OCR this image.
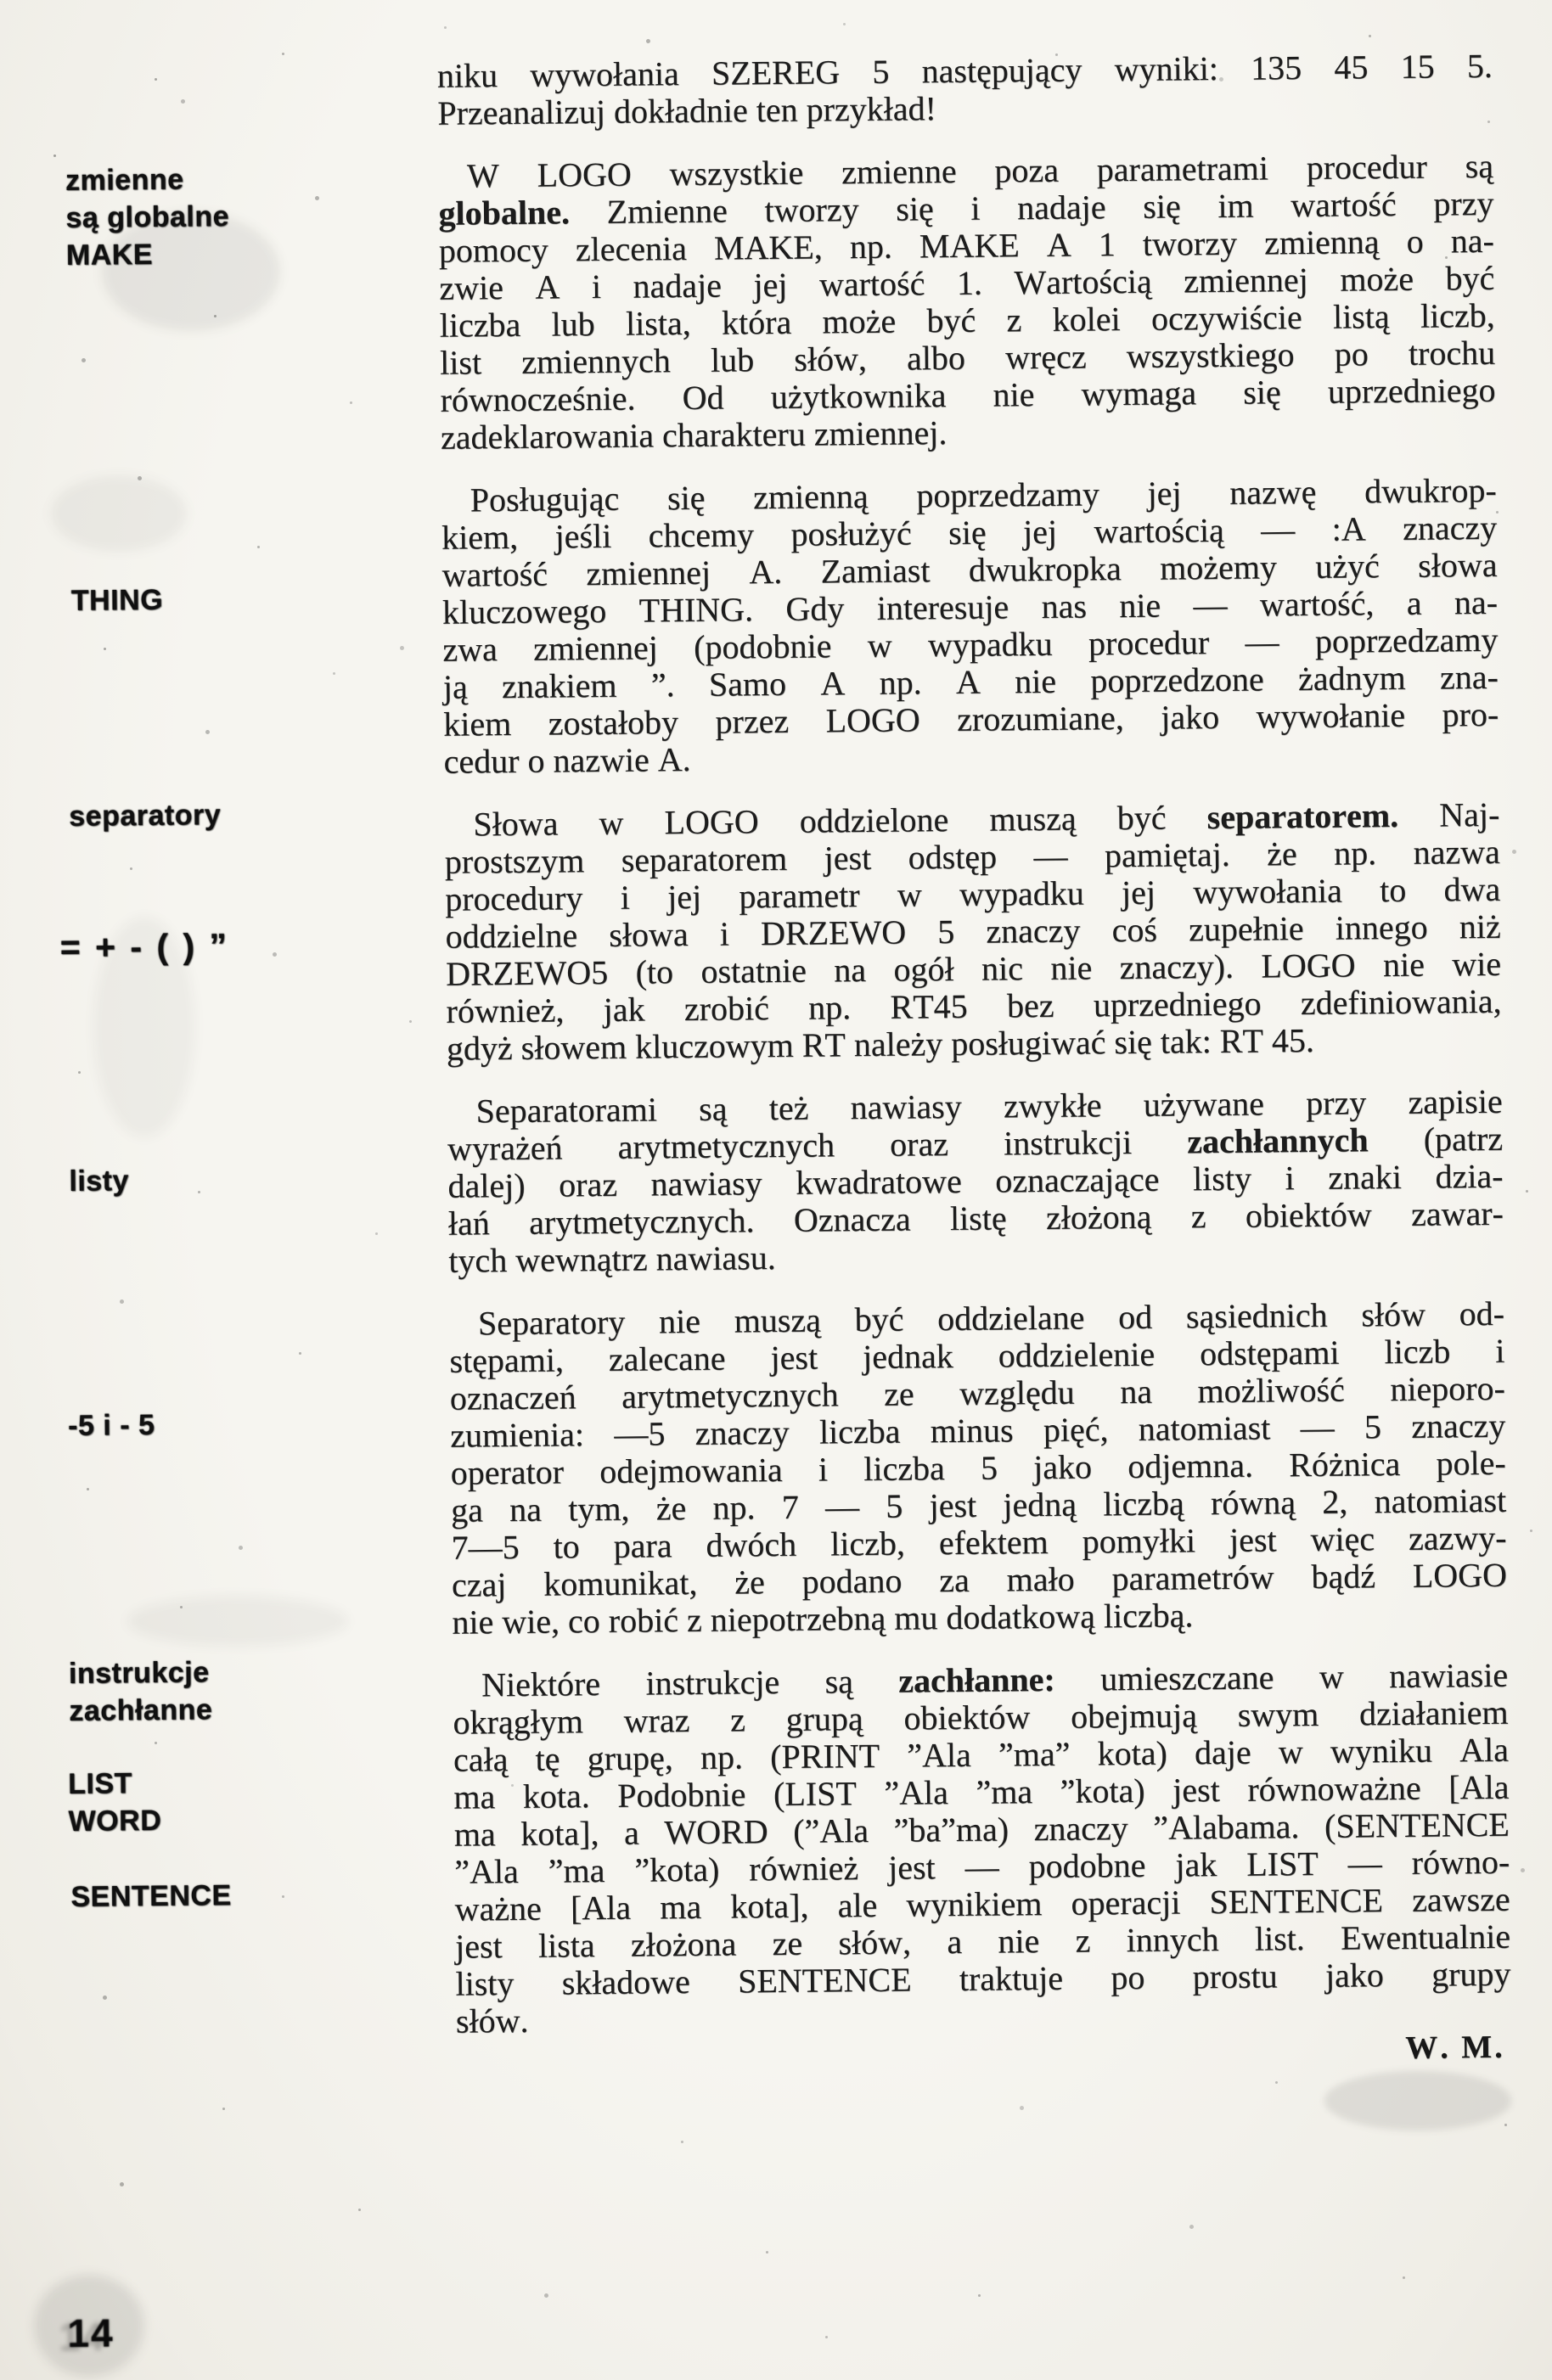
zmienne
są globalne
MAKE
THING
separatory
= + - ( ) ”
listy
-5 i - 5
instrukcje
zachłanne
LIST
WORD
SENTENCE
niku wywołania SZEREG 5 następujący wyniki: 135 45 15 5.
Przeanalizuj dokładnie ten przykład!
W LOGO wszystkie zmienne poza parametrami procedur są
globalne. Zmienne tworzy się i nadaje się im wartość przy
pomocy zlecenia MAKE, np. MAKE A 1 tworzy zmienną o na-
zwie A i nadaje jej wartość 1. Wartością zmiennej może być
liczba lub lista, która może być z kolei oczywiście listą liczb,
list zmiennych lub słów, albo wręcz wszystkiego po trochu
równocześnie. Od użytkownika nie wymaga się uprzedniego
zadeklarowania charakteru zmiennej.
Posługując się zmienną poprzedzamy jej nazwę dwukrop-
kiem, jeśli chcemy posłużyć się jej wartością — :A znaczy
wartość zmiennej A. Zamiast dwukropka możemy użyć słowa
kluczowego THING. Gdy interesuje nas nie — wartość, a na-
zwa zmiennej (podobnie w wypadku procedur — poprzedzamy
ją znakiem ”. Samo A np. A nie poprzedzone żadnym zna-
kiem zostałoby przez LOGO zrozumiane, jako wywołanie pro-
cedur o nazwie A.
Słowa w LOGO oddzielone muszą być separatorem. Naj-
prostszym separatorem jest odstęp — pamiętaj. że np. nazwa
procedury i jej parametr w wypadku jej wywołania to dwa
oddzielne słowa i DRZEWO 5 znaczy coś zupełnie innego niż
DRZEWO5 (to ostatnie na ogół nic nie znaczy). LOGO nie wie
również, jak zrobić np. RT45 bez uprzedniego zdefiniowania,
gdyż słowem kluczowym RT należy posługiwać się tak: RT 45.
Separatorami są też nawiasy zwykłe używane przy zapisie
wyrażeń arytmetycznych oraz instrukcji zachłannych (patrz
dalej) oraz nawiasy kwadratowe oznaczające listy i znaki dzia-
łań arytmetycznych. Oznacza listę złożoną z obiektów zawar-
tych wewnątrz nawiasu.
Separatory nie muszą być oddzielane od sąsiednich słów od-
stępami, zalecane jest jednak oddzielenie odstępami liczb i
oznaczeń arytmetycznych ze względu na możliwość nieporo-
zumienia: —5 znaczy liczba minus pięć, natomiast — 5 znaczy
operator odejmowania i liczba 5 jako odjemna. Różnica pole-
ga na tym, że np. 7 — 5 jest jedną liczbą równą 2, natomiast
7—5 to para dwóch liczb, efektem pomyłki jest więc zazwy-
czaj komunikat, że podano za mało parametrów bądź LOGO
nie wie, co robić z niepotrzebną mu dodatkową liczbą.
Niektóre instrukcje są zachłanne: umieszczane w nawiasie
okrągłym wraz z grupą obiektów obejmują swym działaniem
całą tę grupę, np. (PRINT ”Ala ”ma” kota) daje w wyniku Ala
ma kota. Podobnie (LIST ”Ala ”ma ”kota) jest równoważne [Ala
ma kota], a WORD (”Ala ”ba”ma) znaczy ”Alabama. (SENTENCE
”Ala ”ma ”kota) również jest — podobne jak LIST — równo-
ważne [Ala ma kota], ale wynikiem operacji SENTENCE zawsze
jest lista złożona ze słów, a nie z innych list. Ewentualnie
listy składowe SENTENCE traktuje po prostu jako grupy
słów.
W. M.
14
